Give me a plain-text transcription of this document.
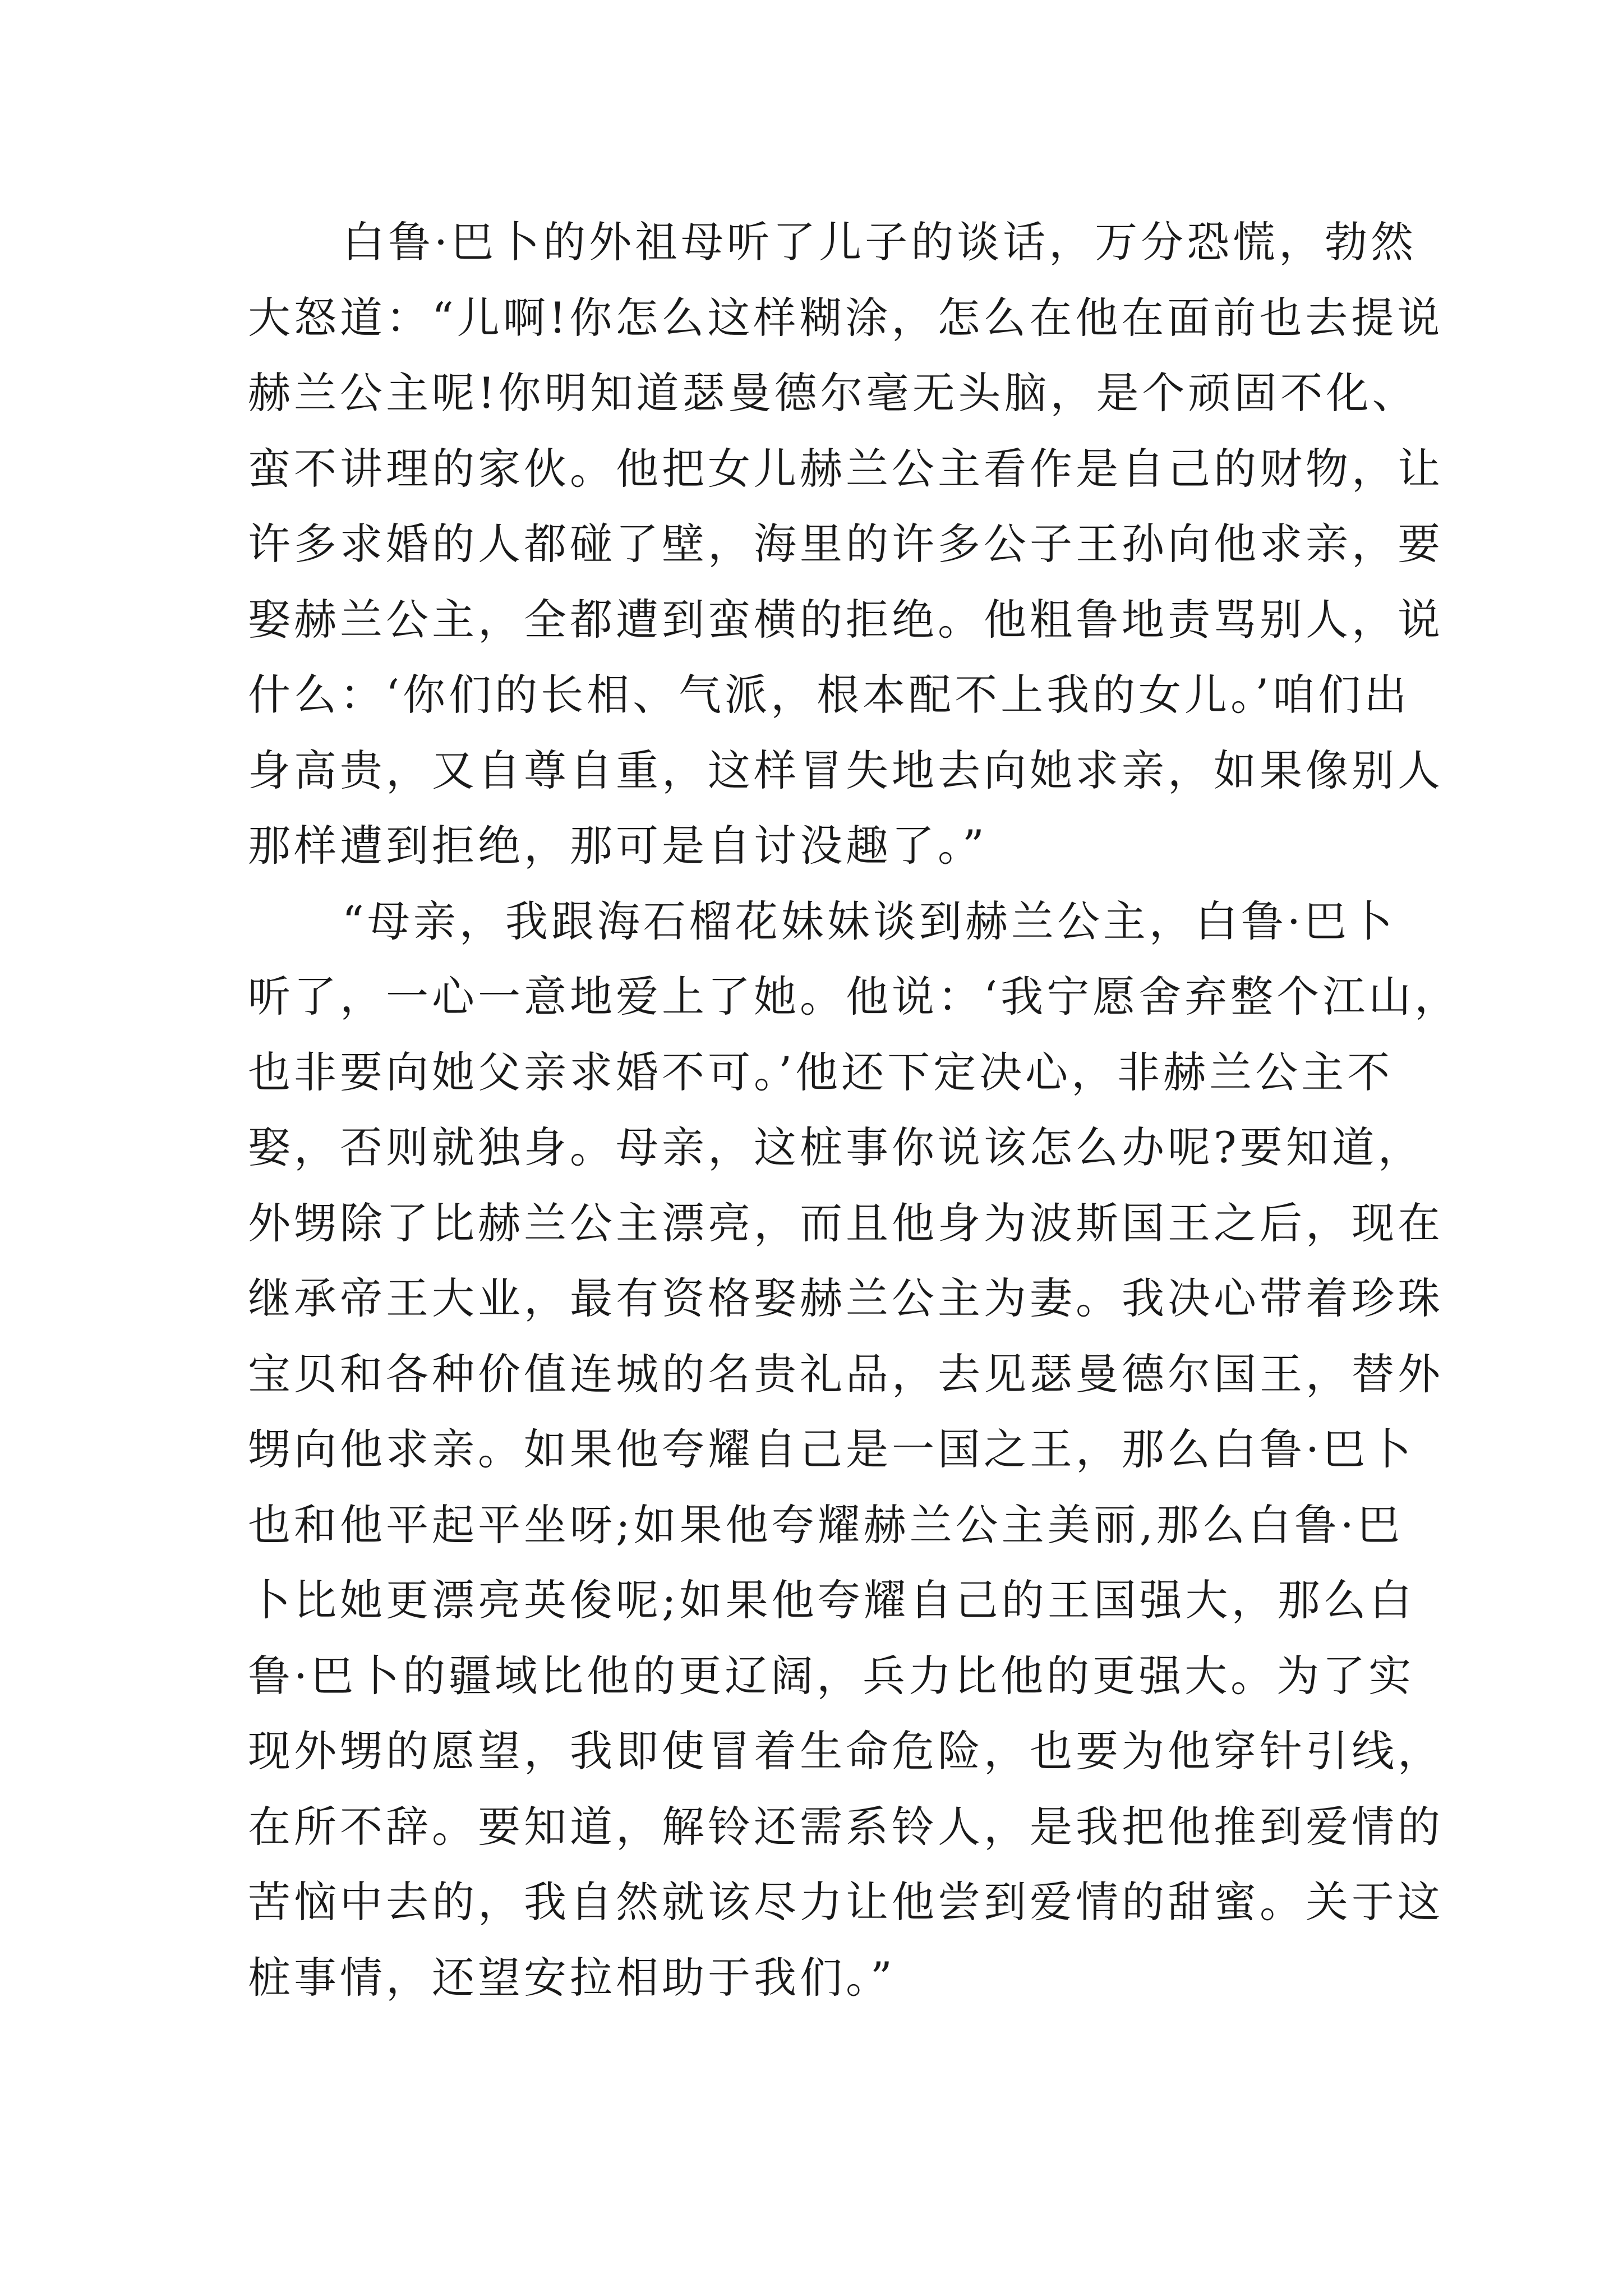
白鲁·巴卜的外祖母听了儿子的谈话，万分恐慌，勃然
大怒道：“儿啊!你怎么这样糊涂，怎么在他在面前也去提说
赫兰公主呢!你明知道瑟曼德尔毫无头脑，是个顽固不化、
蛮不讲理的家伙。他把女儿赫兰公主看作是自己的财物，让
许多求婚的人都碰了壁，海里的许多公子王孙向他求亲，要
娶赫兰公主，全都遭到蛮横的拒绝。他粗鲁地责骂别人，说
什么：‘你们的长相、气派，根本配不上我的女儿。’咱们出
身高贵，又自尊自重，这样冒失地去向她求亲，如果像别人
那样遭到拒绝，那可是自讨没趣了。”
“母亲，我跟海石榴花妹妹谈到赫兰公主，白鲁·巴卜
听了，一心一意地爱上了她。他说：‘我宁愿舍弃整个江山，
也非要向她父亲求婚不可。’他还下定决心，非赫兰公主不
娶，否则就独身。母亲，这桩事你说该怎么办呢?要知道，
外甥除了比赫兰公主漂亮，而且他身为波斯国王之后，现在
继承帝王大业，最有资格娶赫兰公主为妻。我决心带着珍珠
宝贝和各种价值连城的名贵礼品，去见瑟曼德尔国王，替外
甥向他求亲。如果他夸耀自己是一国之王，那么白鲁·巴卜
也和他平起平坐呀;如果他夸耀赫兰公主美丽,那么白鲁·巴
卜比她更漂亮英俊呢;如果他夸耀自己的王国强大，那么白
鲁·巴卜的疆域比他的更辽阔，兵力比他的更强大。为了实
现外甥的愿望，我即使冒着生命危险，也要为他穿针引线，
在所不辞。要知道，解铃还需系铃人，是我把他推到爱情的
苦恼中去的，我自然就该尽力让他尝到爱情的甜蜜。关于这
桩事情，还望安拉相助于我们。”
